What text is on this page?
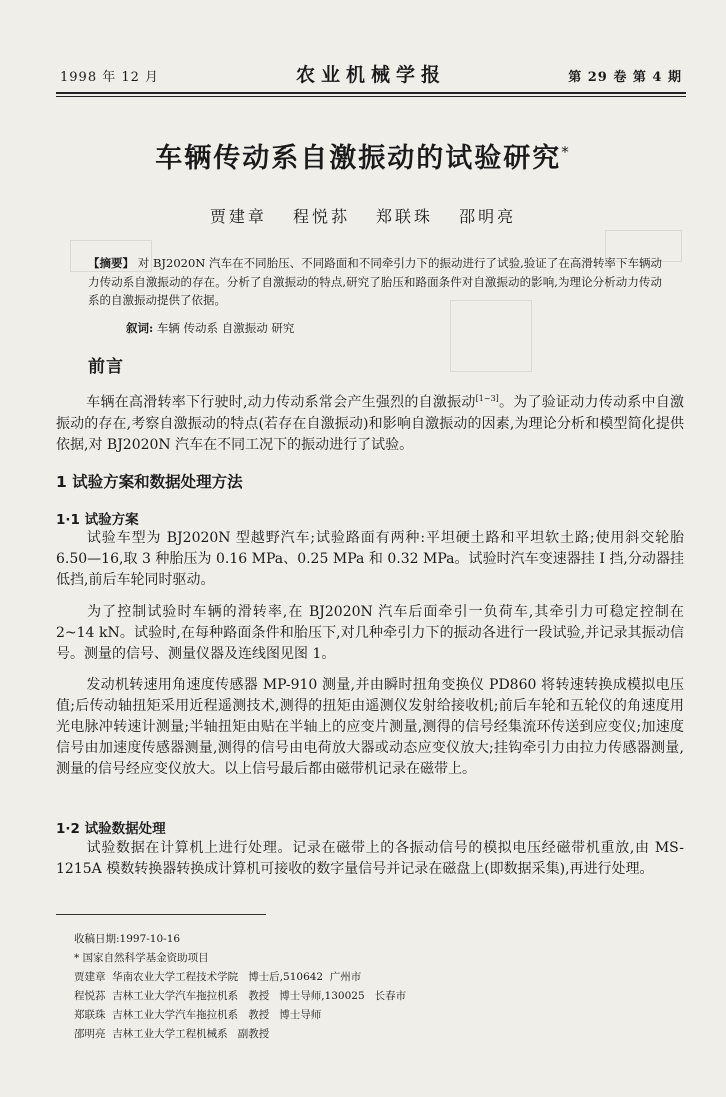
1998 年 12 月	农业机械学报	第 29 卷 第 4 期
车辆传动系自激振动的试验研究*
贾建章 程悦荪 郑联珠 邵明亮
【摘要】 对 BJ2020N 汽车在不同胎压、不同路面和不同牵引力下的振动进行了试验,验证了在高滑转率下车辆动力传动系自激振动的存在。分析了自激振动的特点,研究了胎压和路面条件对自激振动的影响,为理论分析动力传动系的自激振动提供了依据。
叙词: 车辆 传动系 自激振动 研究
前言
车辆在高滑转率下行驶时,动力传动系常会产生强烈的自激振动[1~3]。为了验证动力传动系中自激振动的存在,考察自激振动的特点(若存在自激振动)和影响自激振动的因素,为理论分析和模型简化提供依据,对 BJ2020N 汽车在不同工况下的振动进行了试验。
1 试验方案和数据处理方法
1·1 试验方案
试验车型为 BJ2020N 型越野汽车;试验路面有两种:平坦硬土路和平坦软土路;使用斜交轮胎 6.50—16,取 3 种胎压为 0.16 MPa、0.25 MPa 和 0.32 MPa。试验时汽车变速器挂 Ⅰ 挡,分动器挂低挡,前后车轮同时驱动。
为了控制试验时车辆的滑转率,在 BJ2020N 汽车后面牵引一负荷车,其牵引力可稳定控制在 2~14 kN。试验时,在每种路面条件和胎压下,对几种牵引力下的振动各进行一段试验,并记录其振动信号。测量的信号、测量仪器及连线图见图 1。
发动机转速用角速度传感器 MP-910 测量,并由瞬时扭角变换仪 PD860 将转速转换成模拟电压值;后传动轴扭矩采用近程遥测技术,测得的扭矩由遥测仪发射给接收机;前后车轮和五轮仪的角速度用光电脉冲转速计测量;半轴扭矩由贴在半轴上的应变片测量,测得的信号经集流环传送到应变仪;加速度信号由加速度传感器测量,测得的信号由电荷放大器或动态应变仪放大;挂钩牵引力由拉力传感器测量,测量的信号经应变仪放大。以上信号最后都由磁带机记录在磁带上。
1·2 试验数据处理
试验数据在计算机上进行处理。记录在磁带上的各振动信号的模拟电压经磁带机重放,由 MS-1215A 模数转换器转换成计算机可接收的数字量信号并记录在磁盘上(即数据采集),再进行处理。
收稿日期:1997-10-16
* 国家自然科学基金资助项目
贾建章  华南农业大学工程技术学院   博士后,510642  广州市
程悦荪  吉林工业大学汽车拖拉机系   教授   博士导师,130025   长春市
郑联珠  吉林工业大学汽车拖拉机系   教授   博士导师
邵明亮  吉林工业大学工程机械系   副教授
